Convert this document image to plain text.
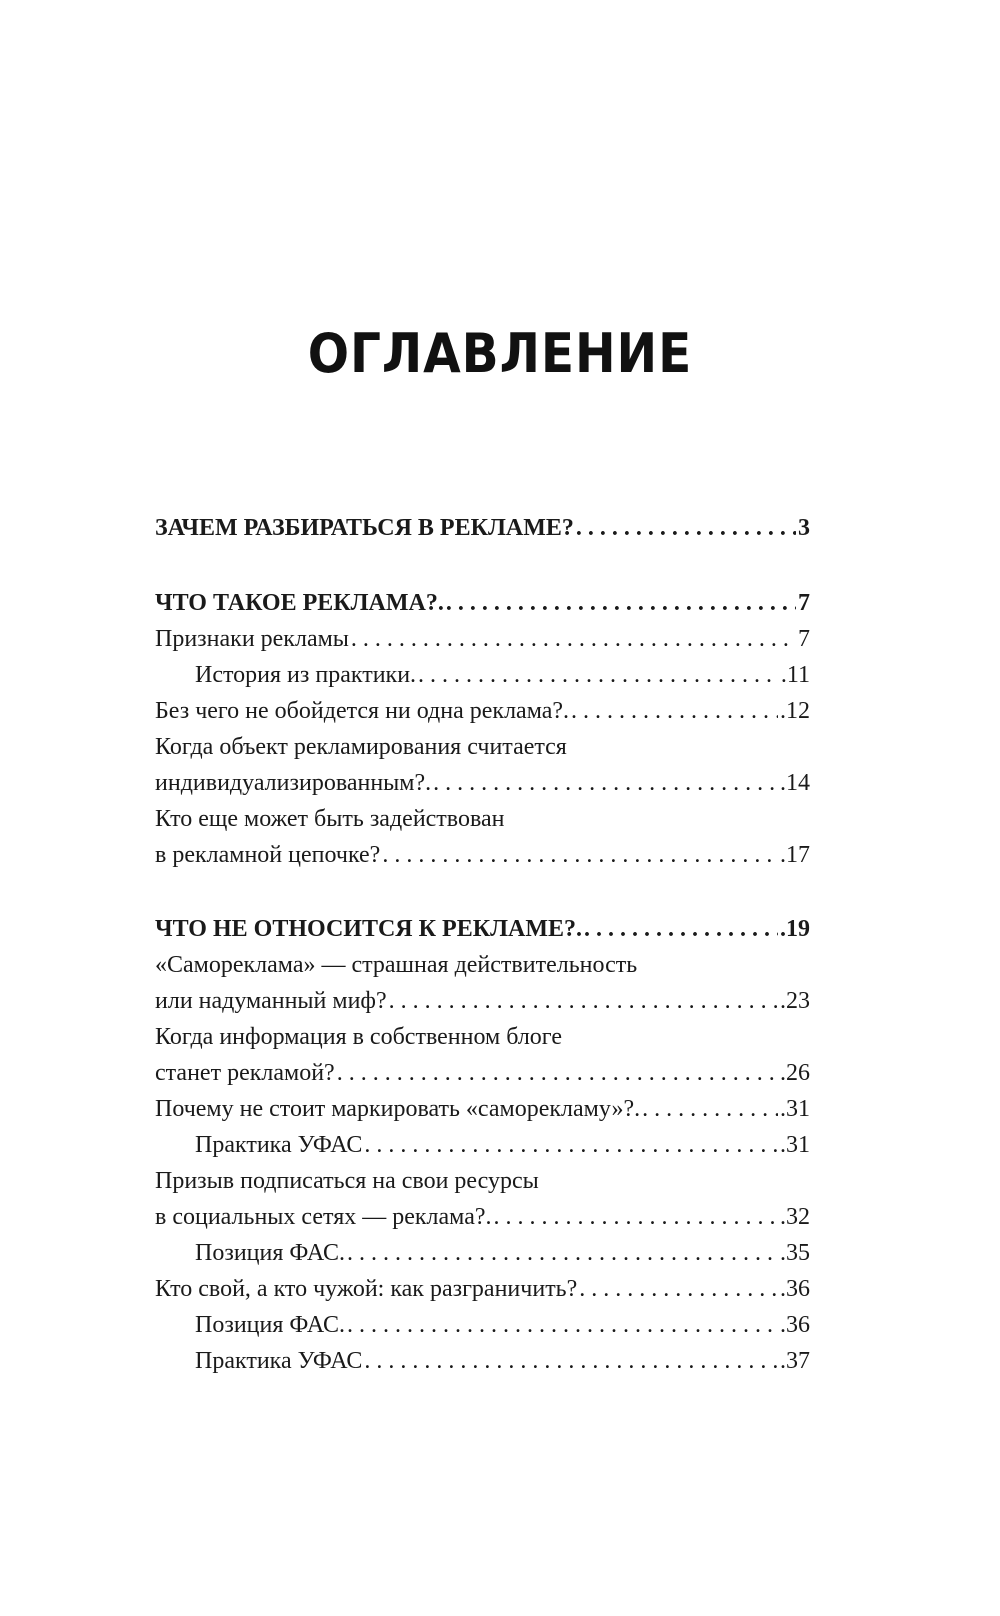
ОГЛАВЛЕНИЕ
ЗАЧЕМ РАЗБИРАТЬСЯ В РЕКЛАМЕ? . . .	3
ЧТО ТАКОЕ РЕКЛАМА?. . . .	7
Признаки рекламы . . .	7
История из практики. . . .	.11
Без чего не обойдется ни одна реклама?. . . .	.12
Когда объект рекламирования считается
индивидуализированным?. . . .	.14
Кто еще может быть задействован
в рекламной цепочке? . . .	.17
ЧТО НЕ ОТНОСИТСЯ К РЕКЛАМЕ?. . . .	.19
«Самореклама» — страшная действительность
или надуманный миф? . . .	.23
Когда информация в собственном блоге
станет рекламой? . . .	.26
Почему не стоит маркировать «саморекламу»?. . . .	.31
Практика УФАС . . .	.31
Призыв подписаться на свои ресурсы
в социальных сетях — реклама?. . . .	.32
Позиция ФАС. . . .	.35
Кто свой, а кто чужой: как разграничить? . . .	.36
Позиция ФАС. . . .	.36
Практика УФАС . . .	.37
